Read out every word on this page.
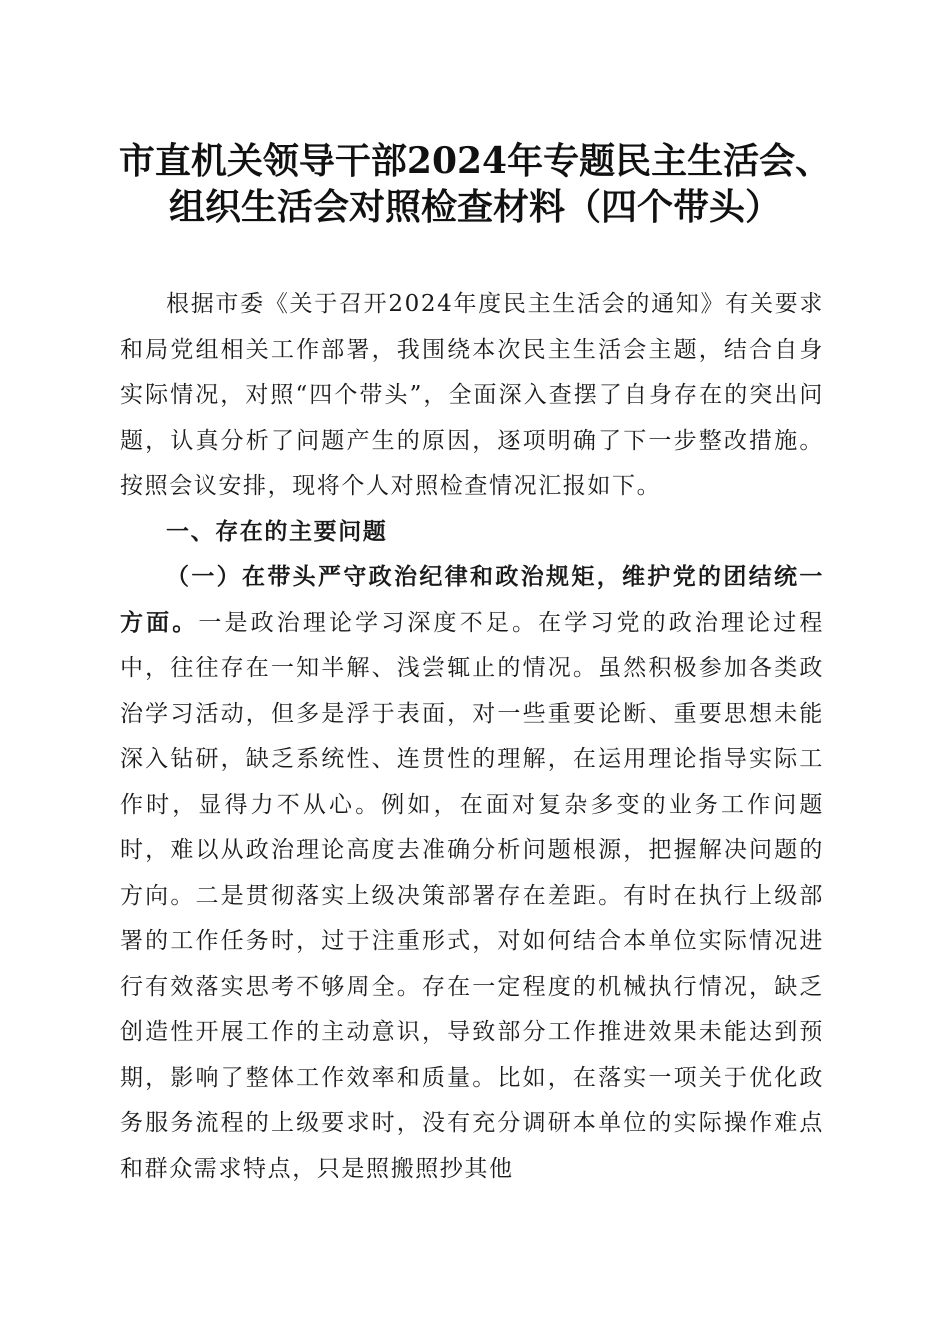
市直机关领导干部2024年专题民主生活会、
组织生活会对照检查材料（四个带头）

根据市委《关于召开2024年度民主生活会的通知》有关要求和局党组相关工作部署，我围绕本次民主生活会主题，结合自身实际情况，对照“四个带头”，全面深入查摆了自身存在的突出问题，认真分析了问题产生的原因，逐项明确了下一步整改措施。按照会议安排，现将个人对照检查情况汇报如下。

一、存在的主要问题

（一）在带头严守政治纪律和政治规矩，维护党的团结统一方面。一是政治理论学习深度不足。在学习党的政治理论过程中，往往存在一知半解、浅尝辄止的情况。虽然积极参加各类政治学习活动，但多是浮于表面，对一些重要论断、重要思想未能深入钻研，缺乏系统性、连贯性的理解，在运用理论指导实际工作时，显得力不从心。例如，在面对复杂多变的业务工作问题时，难以从政治理论高度去准确分析问题根源，把握解决问题的方向。二是贯彻落实上级决策部署存在差距。有时在执行上级部署的工作任务时，过于注重形式，对如何结合本单位实际情况进行有效落实思考不够周全。存在一定程度的机械执行情况，缺乏创造性开展工作的主动意识，导致部分工作推进效果未能达到预期，影响了整体工作效率和质量。比如，在落实一项关于优化政务服务流程的上级要求时，没有充分调研本单位的实际操作难点和群众需求特点，只是照搬照抄其他
